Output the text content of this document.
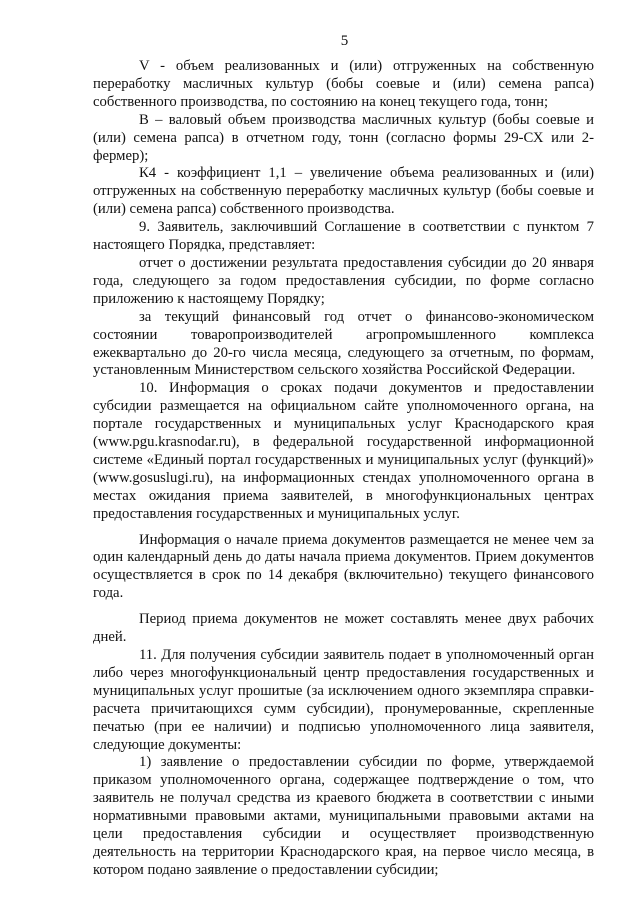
5

V - объем реализованных и (или) отгруженных на собственную переработку масличных культур (бобы соевые и (или) семена рапса) собственного производства, по состоянию на конец текущего года, тонн;

В – валовый объем производства масличных культур (бобы соевые и (или) семена рапса) в отчетном году, тонн (согласно формы 29-СХ или 2-фермер);

К4 - коэффициент 1,1 – увеличение объема реализованных и (или) отгруженных на собственную переработку масличных культур (бобы соевые и (или) семена рапса) собственного производства.

9. Заявитель, заключивший Соглашение в соответствии с пунктом 7 настоящего Порядка, представляет:

отчет о достижении результата предоставления субсидии до 20 января года, следующего за годом предоставления субсидии, по форме согласно приложению к настоящему Порядку;

за текущий финансовый год отчет о финансово-экономическом состоянии товаропроизводителей агропромышленного комплекса ежеквартально до 20-го числа месяца, следующего за отчетным, по формам, установленным Министерством сельского хозяйства Российской Федерации.

10. Информация о сроках подачи документов и предоставлении субсидии размещается на официальном сайте уполномоченного органа, на портале государственных и муниципальных услуг Краснодарского края (www.pgu.krasnodar.ru), в федеральной государственной информационной системе «Единый портал государственных и муниципальных услуг (функций)» (www.gosuslugi.ru), на информационных стендах уполномоченного органа в местах ожидания приема заявителей, в многофункциональных центрах предоставления государственных и муниципальных услуг.

Информация о начале приема документов размещается не менее чем за один календарный день до даты начала приема документов. Прием документов осуществляется в срок по 14 декабря (включительно) текущего финансового года.

Период приема документов не может составлять менее двух рабочих дней.

11. Для получения субсидии заявитель подает в уполномоченный орган либо через многофункциональный центр предоставления государственных и муниципальных услуг прошитые (за исключением одного экземпляра справки-расчета причитающихся сумм субсидии), пронумерованные, скрепленные печатью (при ее наличии) и подписью уполномоченного лица заявителя, следующие документы:

1) заявление о предоставлении субсидии по форме, утверждаемой приказом уполномоченного органа, содержащее подтверждение о том, что заявитель не получал средства из краевого бюджета в соответствии с иными нормативными правовыми актами, муниципальными правовыми актами на цели предоставления субсидии и осуществляет производственную деятельность на территории Краснодарского края, на первое число месяца, в котором подано заявление о предоставлении субсидии;
